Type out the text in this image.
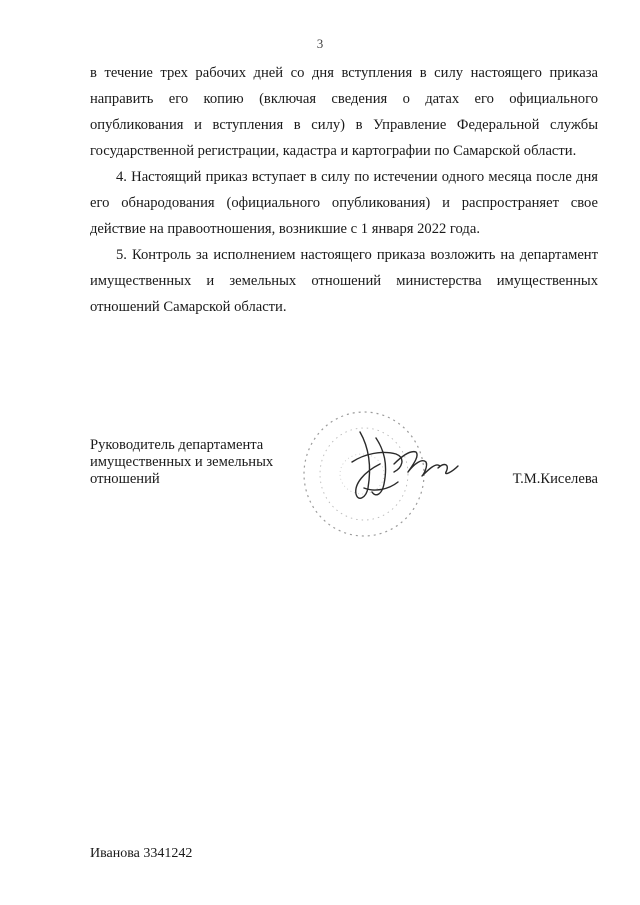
3

в течение трех рабочих дней со дня вступления в силу настоящего приказа направить его копию (включая сведения о датах его официального опубликования и вступления в силу) в Управление Федеральной службы государственной регистрации, кадастра и картографии по Самарской области.

4. Настоящий приказ вступает в силу по истечении одного месяца после дня его обнародования (официального опубликования) и распространяет свое действие на правоотношения, возникшие с 1 января 2022 года.

5. Контроль за исполнением настоящего приказа возложить на департамент имущественных и земельных отношений министерства имущественных отношений Самарской области.

Руководитель департамента
имущественных и земельных
отношений	Т.М.Киселева
Иванова 3341242
